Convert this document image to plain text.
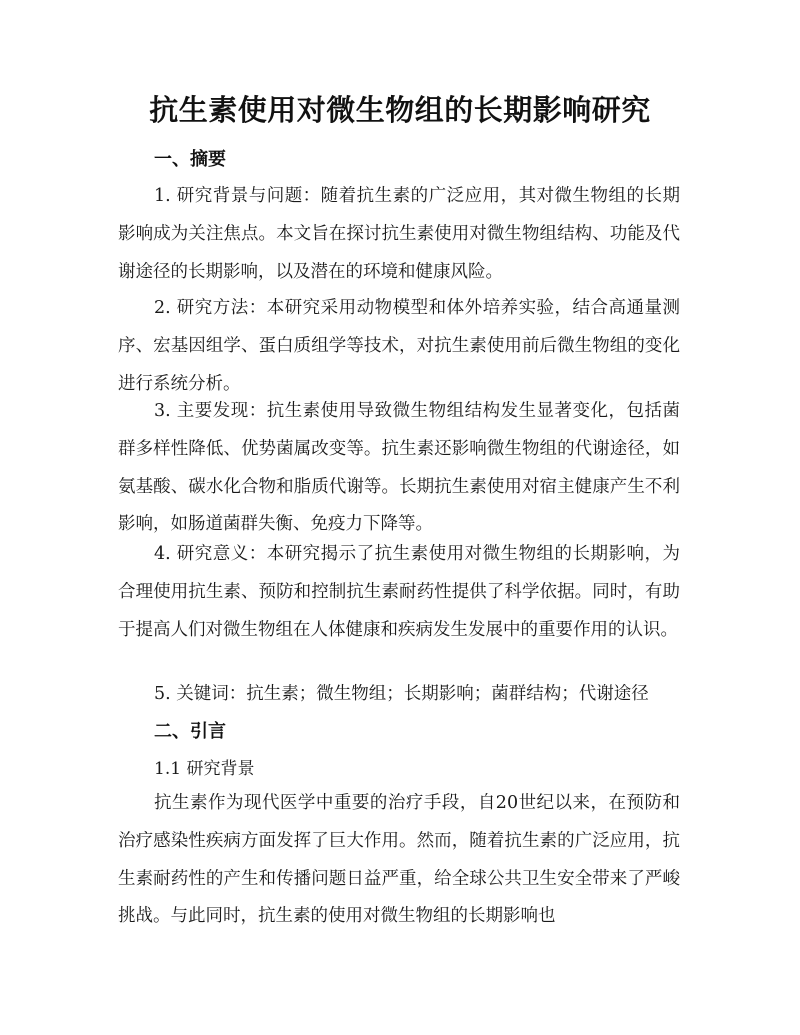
抗生素使用对微生物组的长期影响研究
一、摘要
1. 研究背景与问题：随着抗生素的广泛应用，其对微生物组的长期影响成为关注焦点。本文旨在探讨抗生素使用对微生物组结构、功能及代谢途径的长期影响，以及潜在的环境和健康风险。
2. 研究方法：本研究采用动物模型和体外培养实验，结合高通量测序、宏基因组学、蛋白质组学等技术，对抗生素使用前后微生物组的变化进行系统分析。
3. 主要发现：抗生素使用导致微生物组结构发生显著变化，包括菌群多样性降低、优势菌属改变等。抗生素还影响微生物组的代谢途径，如氨基酸、碳水化合物和脂质代谢等。长期抗生素使用对宿主健康产生不利影响，如肠道菌群失衡、免疫力下降等。
4. 研究意义：本研究揭示了抗生素使用对微生物组的长期影响，为合理使用抗生素、预防和控制抗生素耐药性提供了科学依据。同时，有助于提高人们对微生物组在人体健康和疾病发生发展中的重要作用的认识。
5. 关键词：抗生素；微生物组；长期影响；菌群结构；代谢途径
二、引言
1.1 研究背景
抗生素作为现代医学中重要的治疗手段，自20世纪以来，在预防和治疗感染性疾病方面发挥了巨大作用。然而，随着抗生素的广泛应用，抗生素耐药性的产生和传播问题日益严重，给全球公共卫生安全带来了严峻挑战。与此同时，抗生素的使用对微生物组的长期影响也
